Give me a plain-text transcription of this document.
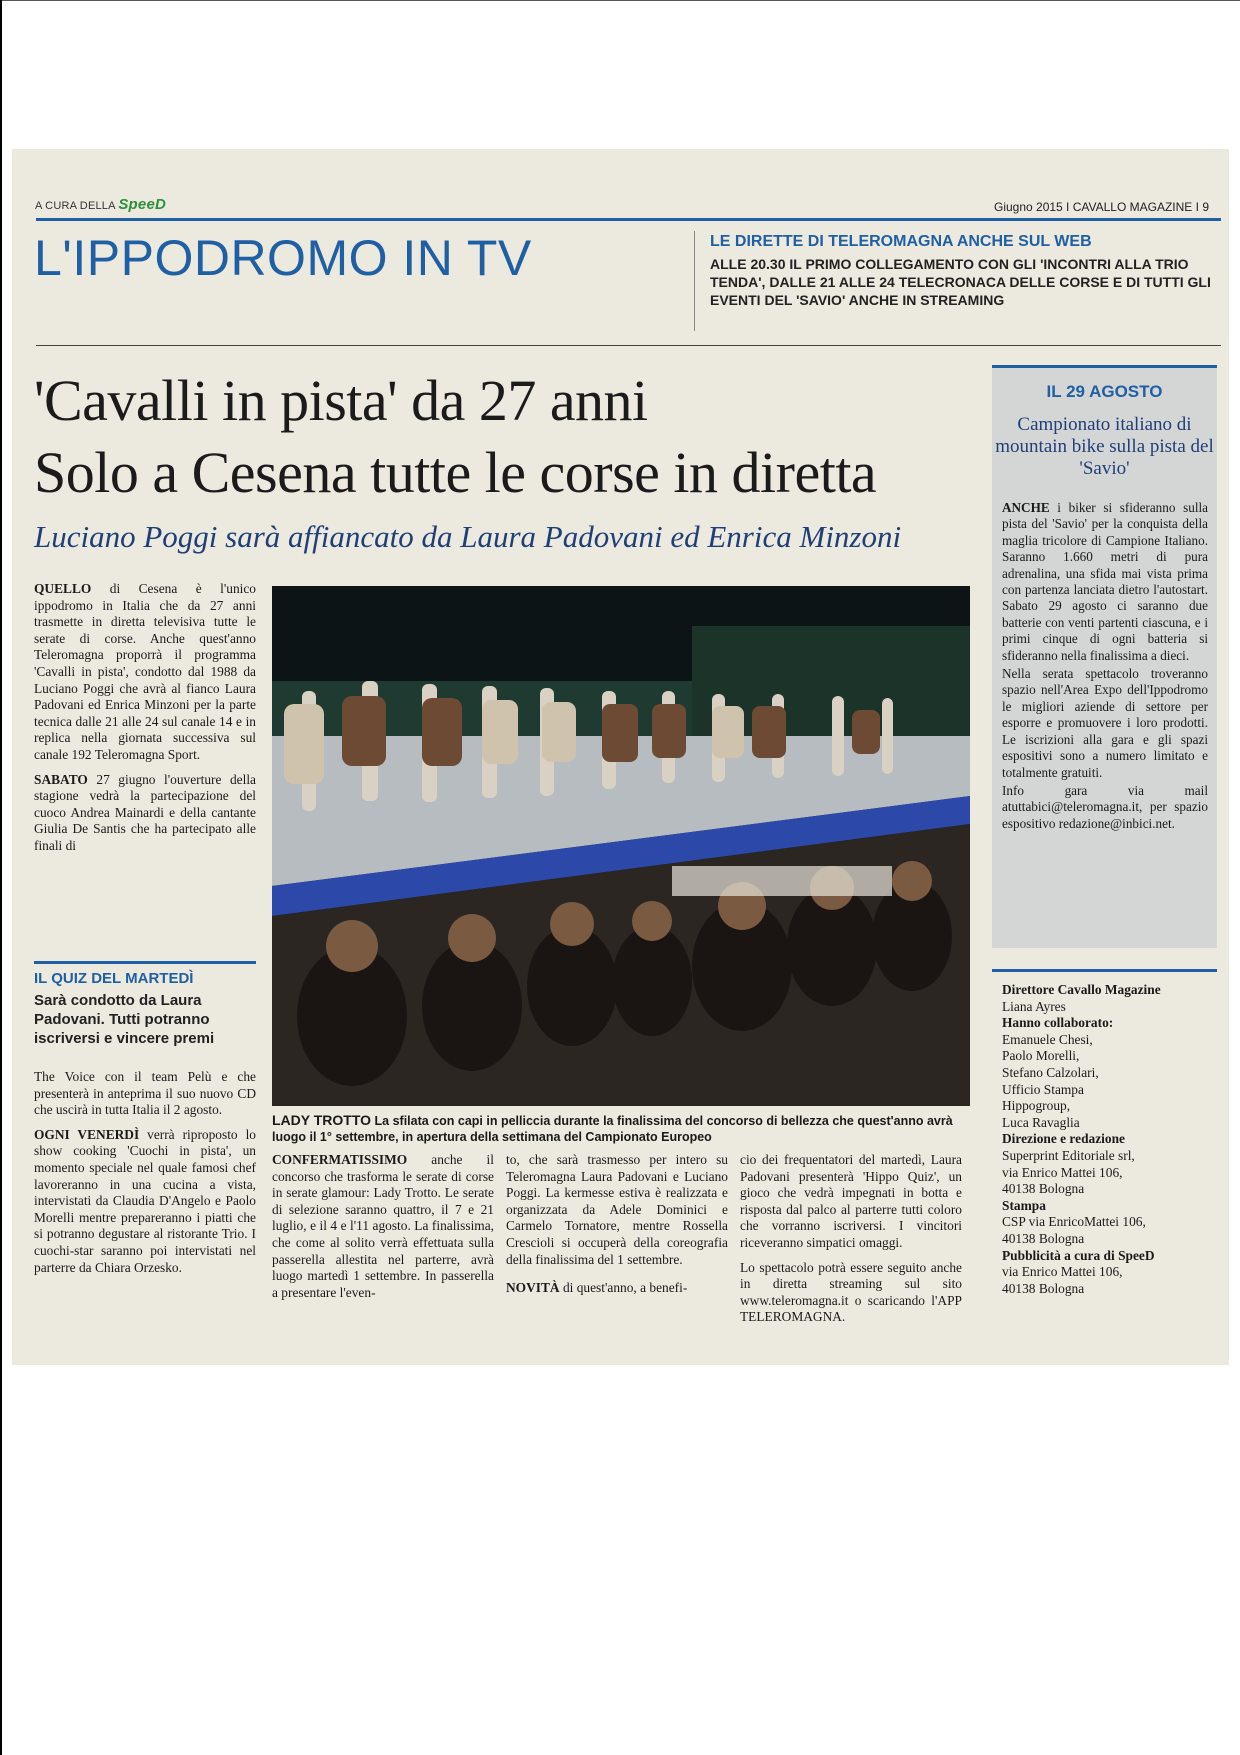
A CURA DELLA SpeeD	Giugno 2015 I CAVALLO MAGAZINE I 9
L'IPPODROMO IN TV	LE DIRETTE DI TELEROMAGNA ANCHE SUL WEB
ALLE 20.30 IL PRIMO COLLEGAMENTO CON GLI 'INCONTRI ALLA TRIO TENDA', DALLE 21 ALLE 24 TELECRONACA DELLE CORSE E DI TUTTI GLI EVENTI DEL 'SAVIO' ANCHE IN STREAMING
'Cavalli in pista' da 27 anni
Solo a Cesena tutte le corse in diretta
Luciano Poggi sarà affiancato da Laura Padovani ed Enrica Minzoni

QUELLO di Cesena è l'unico ippodromo in Italia che da 27 anni trasmette in diretta televisiva tutte le serate di corse. Anche quest'anno Teleromagna proporrà il programma 'Cavalli in pista', condotto dal 1988 da Luciano Poggi che avrà al fianco Laura Padovani ed Enrica Minzoni per la parte tecnica dalle 21 alle 24 sul canale 14 e in replica nella giornata successiva sul canale 192 Teleromagna Sport.

SABATO 27 giugno l'ouverture della stagione vedrà la partecipazione del cuoco Andrea Mainardi e della cantante Giulia De Santis che ha partecipato alle finali di

IL QUIZ DEL MARTEDÌ
Sarà condotto da Laura Padovani. Tutti potranno iscriversi e vincere premi

The Voice con il team Pelù e che presenterà in anteprima il suo nuovo CD che uscirà in tutta Italia il 2 agosto.

OGNI VENERDÌ verrà riproposto lo show cooking 'Cuochi in pista', un momento speciale nel quale famosi chef lavoreranno in una cucina a vista, intervistati da Claudia D'Angelo e Paolo Morelli mentre prepareranno i piatti che si potranno degustare al ristorante Trio. I cuochi-star saranno poi intervistati nel parterre da Chiara Orzesko.

LADY TROTTO La sfilata con capi in pelliccia durante la finalissima del concorso di bellezza che quest'anno avrà luogo il 1° settembre, in apertura della settimana del Campionato Europeo

CONFERMATISSIMO anche il concorso che trasforma le serate di corse in serate glamour: Lady Trotto. Le serate di selezione saranno quattro, il 7 e 21 luglio, e il 4 e l'11 agosto. La finalissima, che come al solito verrà effettuata sulla passerella allestita nel parterre, avrà luogo martedì 1 settembre. In passerella a presentare l'even-

to, che sarà trasmesso per intero su Teleromagna Laura Padovani e Luciano Poggi. La kermesse estiva è realizzata e organizzata da Adele Dominici e Carmelo Tornatore, mentre Rossella Crescioli si occuperà della coreografia della finalissima del 1 settembre.

NOVITÀ di quest'anno, a benefi-

cio dei frequentatori del martedì, Laura Padovani presenterà 'Hippo Quiz', un gioco che vedrà impegnati in botta e risposta dal palco al parterre tutti coloro che vorranno iscriversi. I vincitori riceveranno simpatici omaggi.

Lo spettacolo potrà essere seguito anche in diretta streaming sul sito www.teleromagna.it o scaricando l'APP TELEROMAGNA.

IL 29 AGOSTO
Campionato italiano di mountain bike sulla pista del 'Savio'

ANCHE i biker si sfideranno sulla pista del 'Savio' per la conquista della maglia tricolore di Campione Italiano. Saranno 1.660 metri di pura adrenalina, una sfida mai vista prima con partenza lanciata dietro l'autostart. Sabato 29 agosto ci saranno due batterie con venti partenti ciascuna, e i primi cinque di ogni batteria si sfideranno nella finalissima a dieci.

Nella serata spettacolo troveranno spazio nell'Area Expo dell'Ippodromo le migliori aziende di settore per esporre e promuovere i loro prodotti. Le iscrizioni alla gara e gli spazi espositivi sono a numero limitato e totalmente gratuiti.

Info gara via mail atuttabici@teleromagna.it, per spazio espositivo redazione@inbici.net.

Direttore Cavallo Magazine
Liana Ayres
Hanno collaborato:
Emanuele Chesi,
Paolo Morelli,
Stefano Calzolari,
Ufficio Stampa
Hippogroup,
Luca Ravaglia
Direzione e redazione
Superprint Editoriale srl,
via Enrico Mattei 106,
40138 Bologna
Stampa
CSP via EnricoMattei 106,
40138 Bologna
Pubblicità a cura di SpeeD
via Enrico Mattei 106,
40138 Bologna
